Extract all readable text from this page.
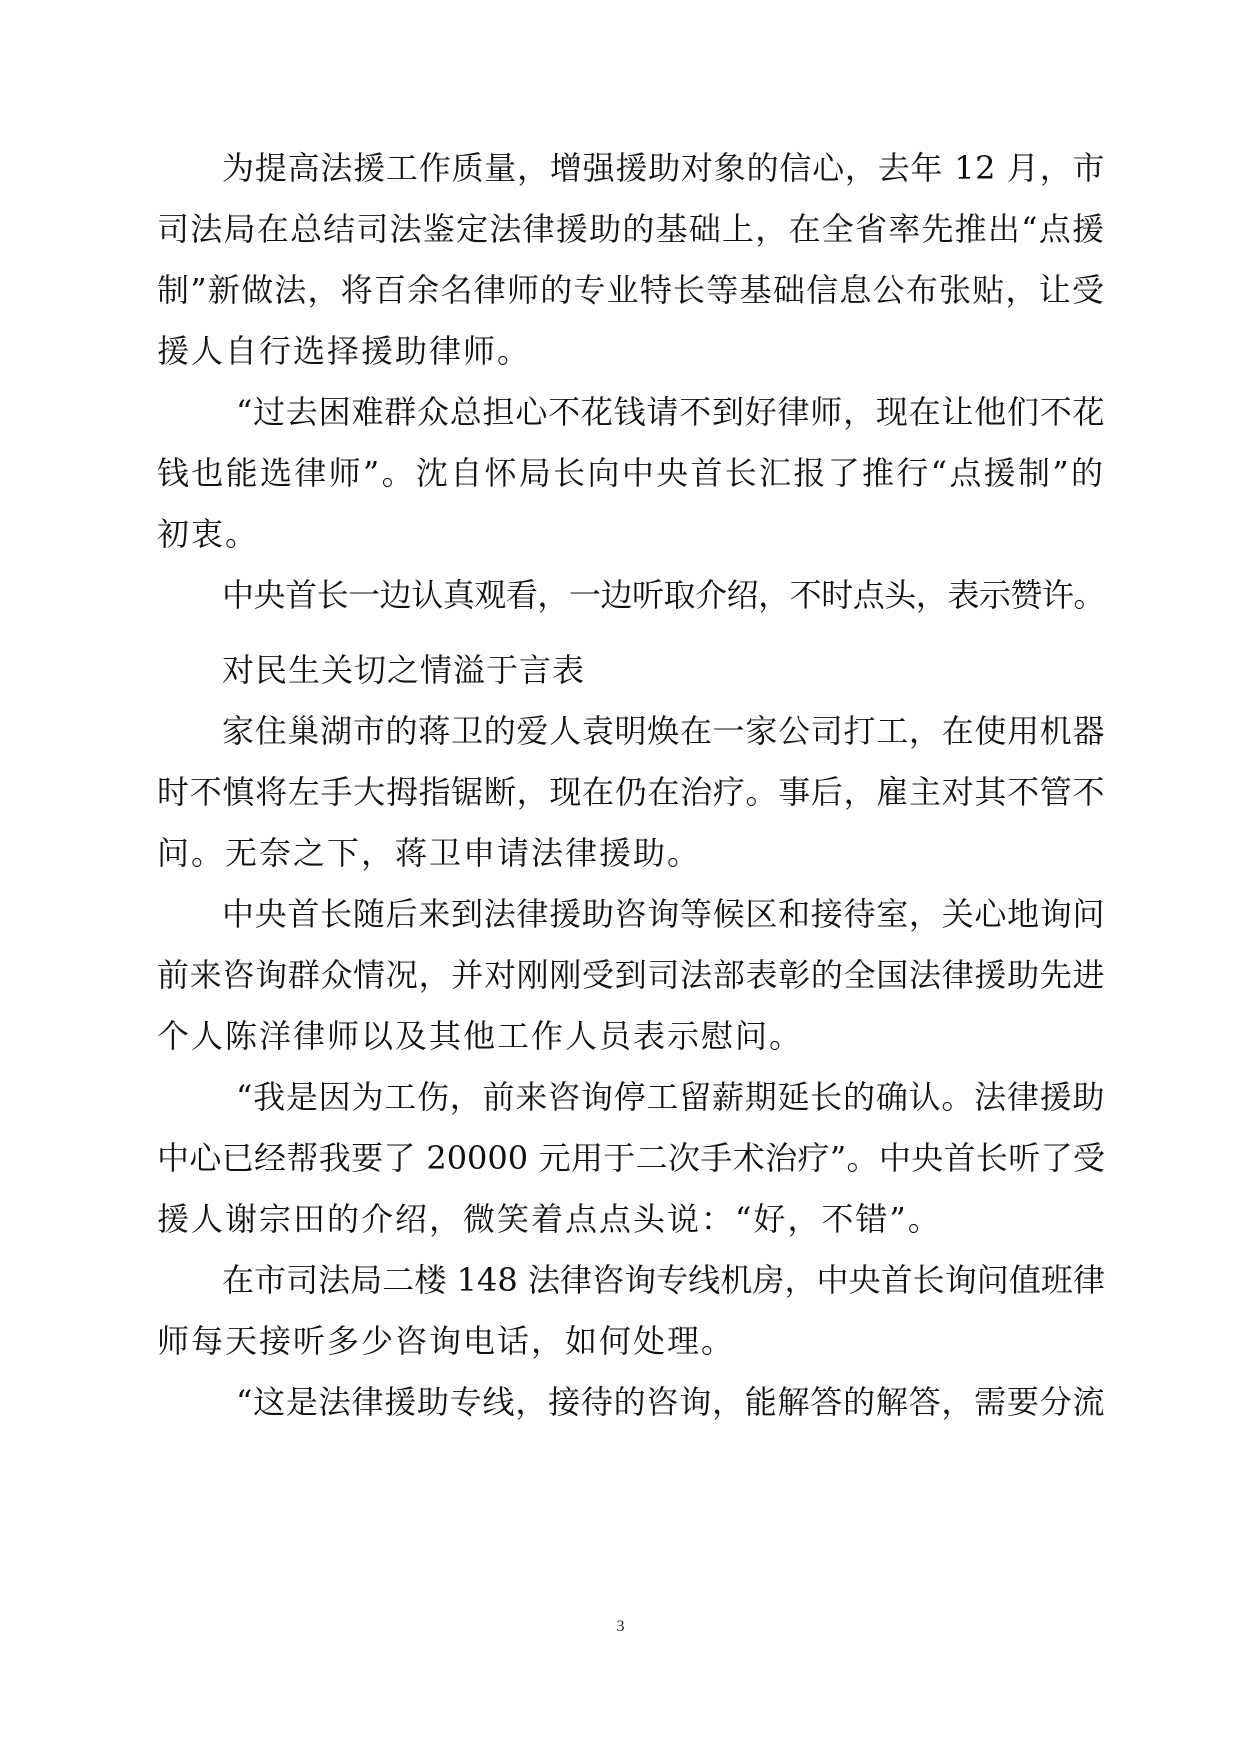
为提高法援工作质量，增强援助对象的信心，去年 12 月，市
司法局在总结司法鉴定法律援助的基础上，在全省率先推出“点援
制”新做法，将百余名律师的专业特长等基础信息公布张贴，让受
援人自行选择援助律师。
“过去困难群众总担心不花钱请不到好律师，现在让他们不花
钱也能选律师”。沈自怀局长向中央首长汇报了推行“点援制”的
初衷。
中央首长一边认真观看，一边听取介绍，不时点头，表示赞许。
对民生关切之情溢于言表
家住巢湖市的蒋卫的爱人袁明焕在一家公司打工，在使用机器
时不慎将左手大拇指锯断，现在仍在治疗。事后，雇主对其不管不
问。无奈之下，蒋卫申请法律援助。
中央首长随后来到法律援助咨询等候区和接待室，关心地询问
前来咨询群众情况，并对刚刚受到司法部表彰的全国法律援助先进
个人陈洋律师以及其他工作人员表示慰问。
“我是因为工伤，前来咨询停工留薪期延长的确认。法律援助
中心已经帮我要了 20000 元用于二次手术治疗”。中央首长听了受
援人谢宗田的介绍，微笑着点点头说：“好，不错”。
在市司法局二楼 148 法律咨询专线机房，中央首长询问值班律
师每天接听多少咨询电话，如何处理。
“这是法律援助专线，接待的咨询，能解答的解答，需要分流
3
